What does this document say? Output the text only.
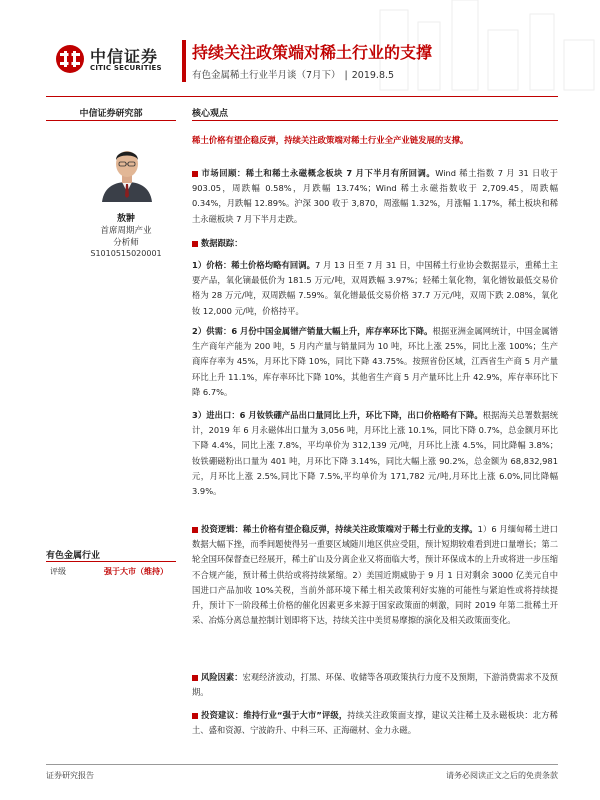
中信证券
CITIC SECURITIES
持续关注政策端对稀土行业的支撑
有色金属稀土行业半月谈（7月下） | 2019.8.5
中信证券研究部
敖翀
首席周期产业
分析师
S1010515020001
有色金属行业
评级	强于大市（维持）
核心观点
稀土价格有望企稳反弹，持续关注政策端对稀土行业全产业链发展的支撑。
市场回顾：稀土和稀土永磁概念板块 7 月下半月有所回调。Wind 稀土指数 7 月 31 日收于 903.05，周跌幅 0.58%，月跌幅 13.74%；Wind 稀土永磁指数收于 2,709.45，周跌幅 0.34%，月跌幅 12.89%。沪深 300 收于 3,870，周涨幅 1.32%，月涨幅 1.17%，稀土板块和稀土永磁板块 7 月下半月走跌。
数据跟踪：
1）价格：稀土价格均略有回调。7 月 13 日至 7 月 31 日，中国稀土行业协会数据显示，重稀土主要产品，氧化镝最低价为 181.5 万元/吨，双周跌幅 3.97%；轻稀土氧化物，氧化镨钕最低交易价格为 28 万元/吨，双周跌幅 7.59%。氧化镨最低交易价格 37.7 万元/吨，双周下跌 2.08%，氧化钕 12,000 元/吨，价格持平。
2）供需：6 月份中国金属镨产销量大幅上升，库存率环比下降。根据亚洲金属网统计，中国金属镨生产商年产能为 200 吨，5 月内产量与销量同为 10 吨，环比上涨 25%，同比上涨 100%；生产商库存率为 45%，月环比下降 10%，同比下降 43.75%。按照省份区域，江西省生产商 5 月产量环比上升 11.1%，库存率环比下降 10%，其他省生产商 5 月产量环比上升 42.9%，库存率环比下降 6.7%。
3）进出口：6 月钕铁硼产品出口量同比上升，环比下降，出口价格略有下降。根据海关总署数据统计，2019 年 6 月永磁体出口量为 3,056 吨，月环比上涨 10.1%，同比下降 0.7%，总金额月环比下降 4.4%，同比上涨 7.8%，平均单价为 312,139 元/吨，月环比上涨 4.5%，同比降幅 3.8%；钕铁硼磁粉出口量为 401 吨，月环比下降 3.14%，同比大幅上涨 90.2%，总金额为 68,832,981 元，月环比上涨 2.5%,同比下降 7.5%,平均单价为 171,782 元/吨,月环比上涨 6.0%,同比降幅 3.9%。
投资逻辑：稀土价格有望企稳反弹，持续关注政策端对于稀土行业的支撑。1）6 月缅甸稀土进口数据大幅下挫，而季间题使得另一重要区域随川地区供应受阻，预计短期较难看到进口量增长；第二轮全国环保督查已经展开，稀土矿山及分离企业又将面临大考，预计环保成本的上升或将进一步压缩不合规产能，预计稀土供给或将持续紧缩。2）美国近期威胁于 9 月 1 日对剩余 3000 亿美元自中国进口产品加收 10%关税，当前外部环境下稀土相关政策利好实施的可能性与紧迫性或将持续提升，预计下一阶段稀土价格的催化因素更多来源于国家政策面的刺激，同时 2019 年第二批稀土开采、冶炼分离总量控制计划即将下达，持续关注中美贸易摩擦的演化及相关政策面变化。
风险因素：宏观经济波动，打黑、环保、收储等各项政策执行力度不及预期，下游消费需求不及预期。
投资建议：维持行业“强于大市”评级，持续关注政策面支撑，建议关注稀土及永磁板块：北方稀土、盛和资源、宁波韵升、中科三环、正海磁材、金力永磁。
证券研究报告	请务必阅读正文之后的免责条款
